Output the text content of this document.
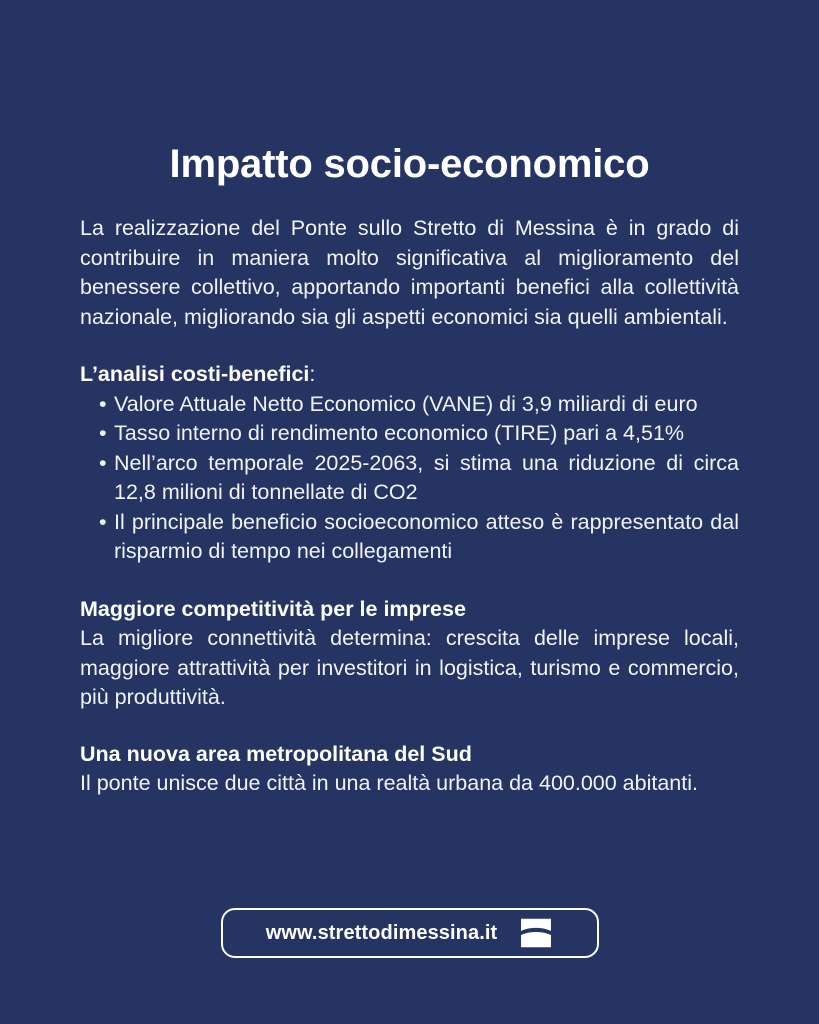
Impatto socio-economico

La realizzazione del Ponte sullo Stretto di Messina è in grado di contribuire in maniera molto significativa al miglioramento del benessere collettivo, apportando importanti benefici alla collettività nazionale, migliorando sia gli aspetti economici sia quelli ambientali.

L’analisi costi-benefici:
• Valore Attuale Netto Economico (VANE) di 3,9 miliardi di euro
• Tasso interno di rendimento economico (TIRE) pari a 4,51%
• Nell’arco temporale 2025-2063, si stima una riduzione di circa 12,8 milioni di tonnellate di CO2
• Il principale beneficio socioeconomico atteso è rappresentato dal risparmio di tempo nei collegamenti
Maggiore competitività per le imprese

La migliore connettività determina: crescita delle imprese locali, maggiore attrattività per investitori in logistica, turismo e commercio, più produttività.

Una nuova area metropolitana del Sud

Il ponte unisce due città in una realtà urbana da 400.000 abitanti.

www.strettodimessina.it
